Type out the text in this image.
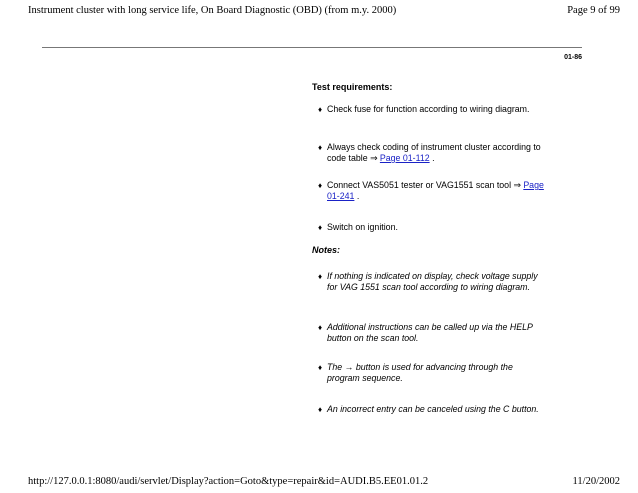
Instrument cluster with long service life, On Board Diagnostic (OBD) (from m.y. 2000)	Page 9 of 99
01-86
Test requirements:
♦ Check fuse for function according to wiring diagram.
♦ Always check coding of instrument cluster according to code table ⇒ Page 01-112 .
♦ Connect VAS5051 tester or VAG1551 scan tool ⇒ Page 01-241 .
♦ Switch on ignition.
Notes:
♦ If nothing is indicated on display, check voltage supply for VAG 1551 scan tool according to wiring diagram.
♦ Additional instructions can be called up via the HELP button on the scan tool.
♦ The → button is used for advancing through the program sequence.
♦ An incorrect entry can be canceled using the C button.
http://127.0.0.1:8080/audi/servlet/Display?action=Goto&type=repair&id=AUDI.B5.EE01.01.2	11/20/2002
